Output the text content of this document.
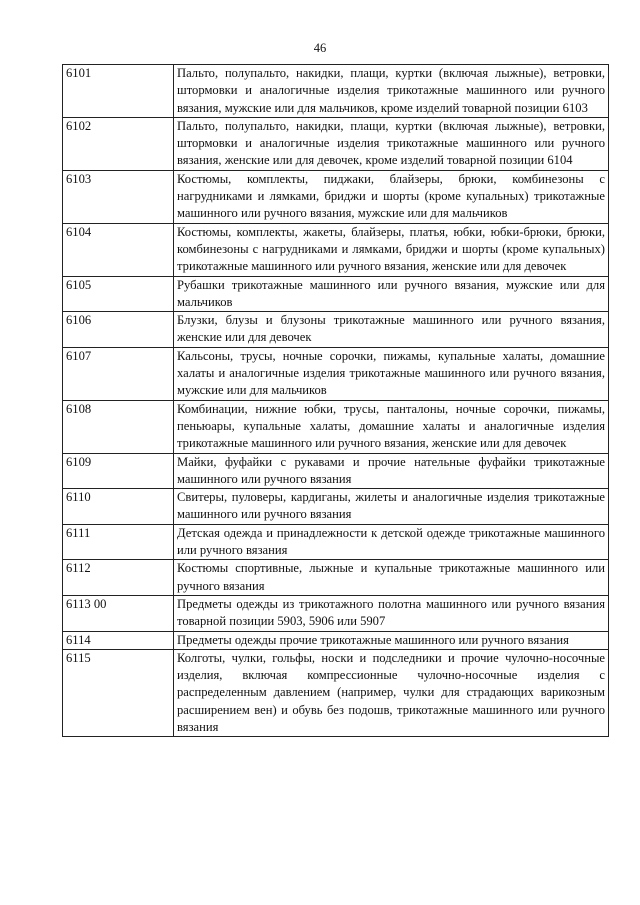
46
6101	Пальто, полупальто, накидки, плащи, куртки (включая лыжные), ветровки, штормовки и аналогичные изделия трикотажные машинного или ручного вязания, мужские или для мальчиков, кроме изделий товарной позиции 6103
6102	Пальто, полупальто, накидки, плащи, куртки (включая лыжные), ветровки, штормовки и аналогичные изделия трикотажные машинного или ручного вязания, женские или для девочек, кроме изделий товарной позиции 6104
6103	Костюмы, комплекты, пиджаки, блайзеры, брюки, комбинезоны с нагрудниками и лямками, бриджи и шорты (кроме купальных) трикотажные машинного или ручного вязания, мужские или для мальчиков
6104	Костюмы, комплекты, жакеты, блайзеры, платья, юбки, юбки-брюки, брюки, комбинезоны с нагрудниками и лямками, бриджи и шорты (кроме купальных) трикотажные машинного или ручного вязания, женские или для девочек
6105	Рубашки трикотажные машинного или ручного вязания, мужские или для мальчиков
6106	Блузки, блузы и блузоны трикотажные машинного или ручного вязания, женские или для девочек
6107	Кальсоны, трусы, ночные сорочки, пижамы, купальные халаты, домашние халаты и аналогичные изделия трикотажные машинного или ручного вязания, мужские или для мальчиков
6108	Комбинации, нижние юбки, трусы, панталоны, ночные сорочки, пижамы, пеньюары, купальные халаты, домашние халаты и аналогичные изделия трикотажные машинного или ручного вязания, женские или для девочек
6109	Майки, фуфайки с рукавами и прочие нательные фуфайки трикотажные машинного или ручного вязания
6110	Свитеры, пуловеры, кардиганы, жилеты и аналогичные изделия трикотажные машинного или ручного вязания
6111	Детская одежда и принадлежности к детской одежде трикотажные машинного или ручного вязания
6112	Костюмы спортивные, лыжные и купальные трикотажные машинного или ручного вязания
6113 00	Предметы одежды из трикотажного полотна машинного или ручного вязания товарной позиции 5903, 5906 или 5907
6114	Предметы одежды прочие трикотажные машинного или ручного вязания
6115	Колготы, чулки, гольфы, носки и подследники и прочие чулочно-носочные изделия, включая компрессионные чулочно-носочные изделия с распределенным давлением (например, чулки для страдающих варикозным расширением вен) и обувь без подошв, трикотажные машинного или ручного вязания
